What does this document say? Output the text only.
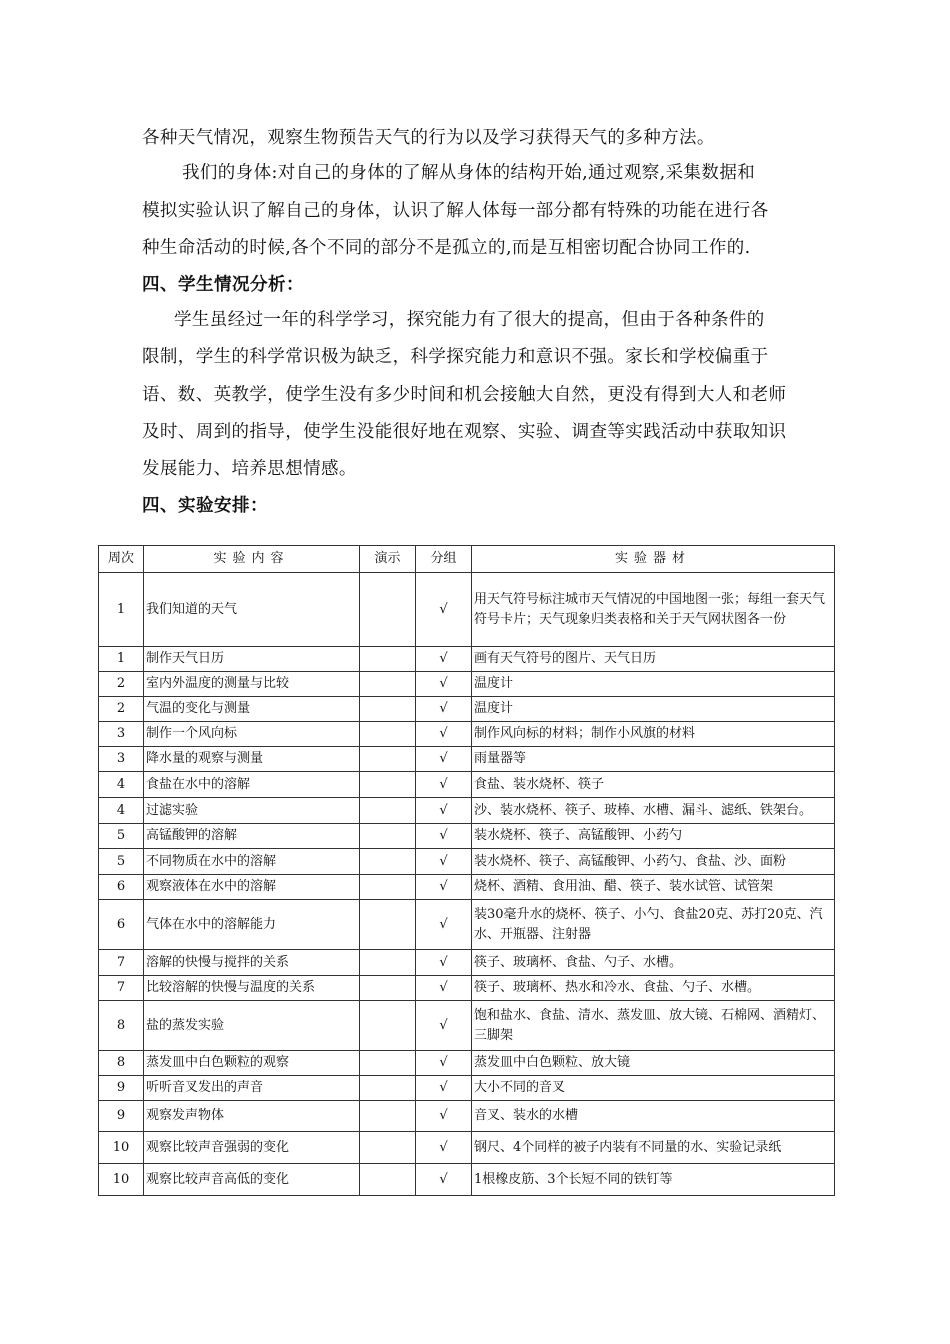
各种天气情况，观察生物预告天气的行为以及学习获得天气的多种方法。
我们的身体:对自己的身体的了解从身体的结构开始,通过观察,采集数据和
模拟实验认识了解自己的身体，认识了解人体每一部分都有特殊的功能在进行各
种生命活动的时候,各个不同的部分不是孤立的,而是互相密切配合协同工作的.
四、学生情况分析：
学生虽经过一年的科学学习，探究能力有了很大的提高，但由于各种条件的
限制，学生的科学常识极为缺乏，科学探究能力和意识不强。家长和学校偏重于
语、数、英教学，使学生没有多少时间和机会接触大自然，更没有得到大人和老师
及时、周到的指导，使学生没能很好地在观察、实验、调查等实践活动中获取知识
发展能力、培养思想情感。
四、实验安排：
周次	实验内容	演示	分组	实验器材
1	我们知道的天气		√	用天气符号标注城市天气情况的中国地图一张；每组一套天气符号卡片；天气现象归类表格和关于天气网状图各一份
1	制作天气日历		√	画有天气符号的图片、天气日历
2	室内外温度的测量与比较		√	温度计
2	气温的变化与测量		√	温度计
3	制作一个风向标		√	制作风向标的材料；制作小风旗的材料
3	降水量的观察与测量		√	雨量器等
4	食盐在水中的溶解		√	食盐、装水烧杯、筷子
4	过滤实验		√	沙、装水烧杯、筷子、玻棒、水槽、漏斗、滤纸、铁架台。
5	高锰酸钾的溶解		√	装水烧杯、筷子、高锰酸钾、小药勺
5	不同物质在水中的溶解		√	装水烧杯、筷子、高锰酸钾、小药勺、食盐、沙、面粉
6	观察液体在水中的溶解		√	烧杯、酒精、食用油、醋、筷子、装水试管、试管架
6	气体在水中的溶解能力		√	装30毫升水的烧杯、筷子、小勺、食盐20克、苏打20克、汽水、开瓶器、注射器
7	溶解的快慢与搅拌的关系		√	筷子、玻璃杯、食盐、勺子、水槽。
7	比较溶解的快慢与温度的关系		√	筷子、玻璃杯、热水和冷水、食盐、勺子、水槽。
8	盐的蒸发实验		√	饱和盐水、食盐、清水、蒸发皿、放大镜、石棉网、酒精灯、三脚架
8	蒸发皿中白色颗粒的观察		√	蒸发皿中白色颗粒、放大镜
9	听听音叉发出的声音		√	大小不同的音叉
9	观察发声物体		√	音叉、装水的水槽
10	观察比较声音强弱的变化		√	钢尺、4个同样的被子内装有不同量的水、实验记录纸
10	观察比较声音高低的变化		√	1根橡皮筋、3个长短不同的铁钉等
